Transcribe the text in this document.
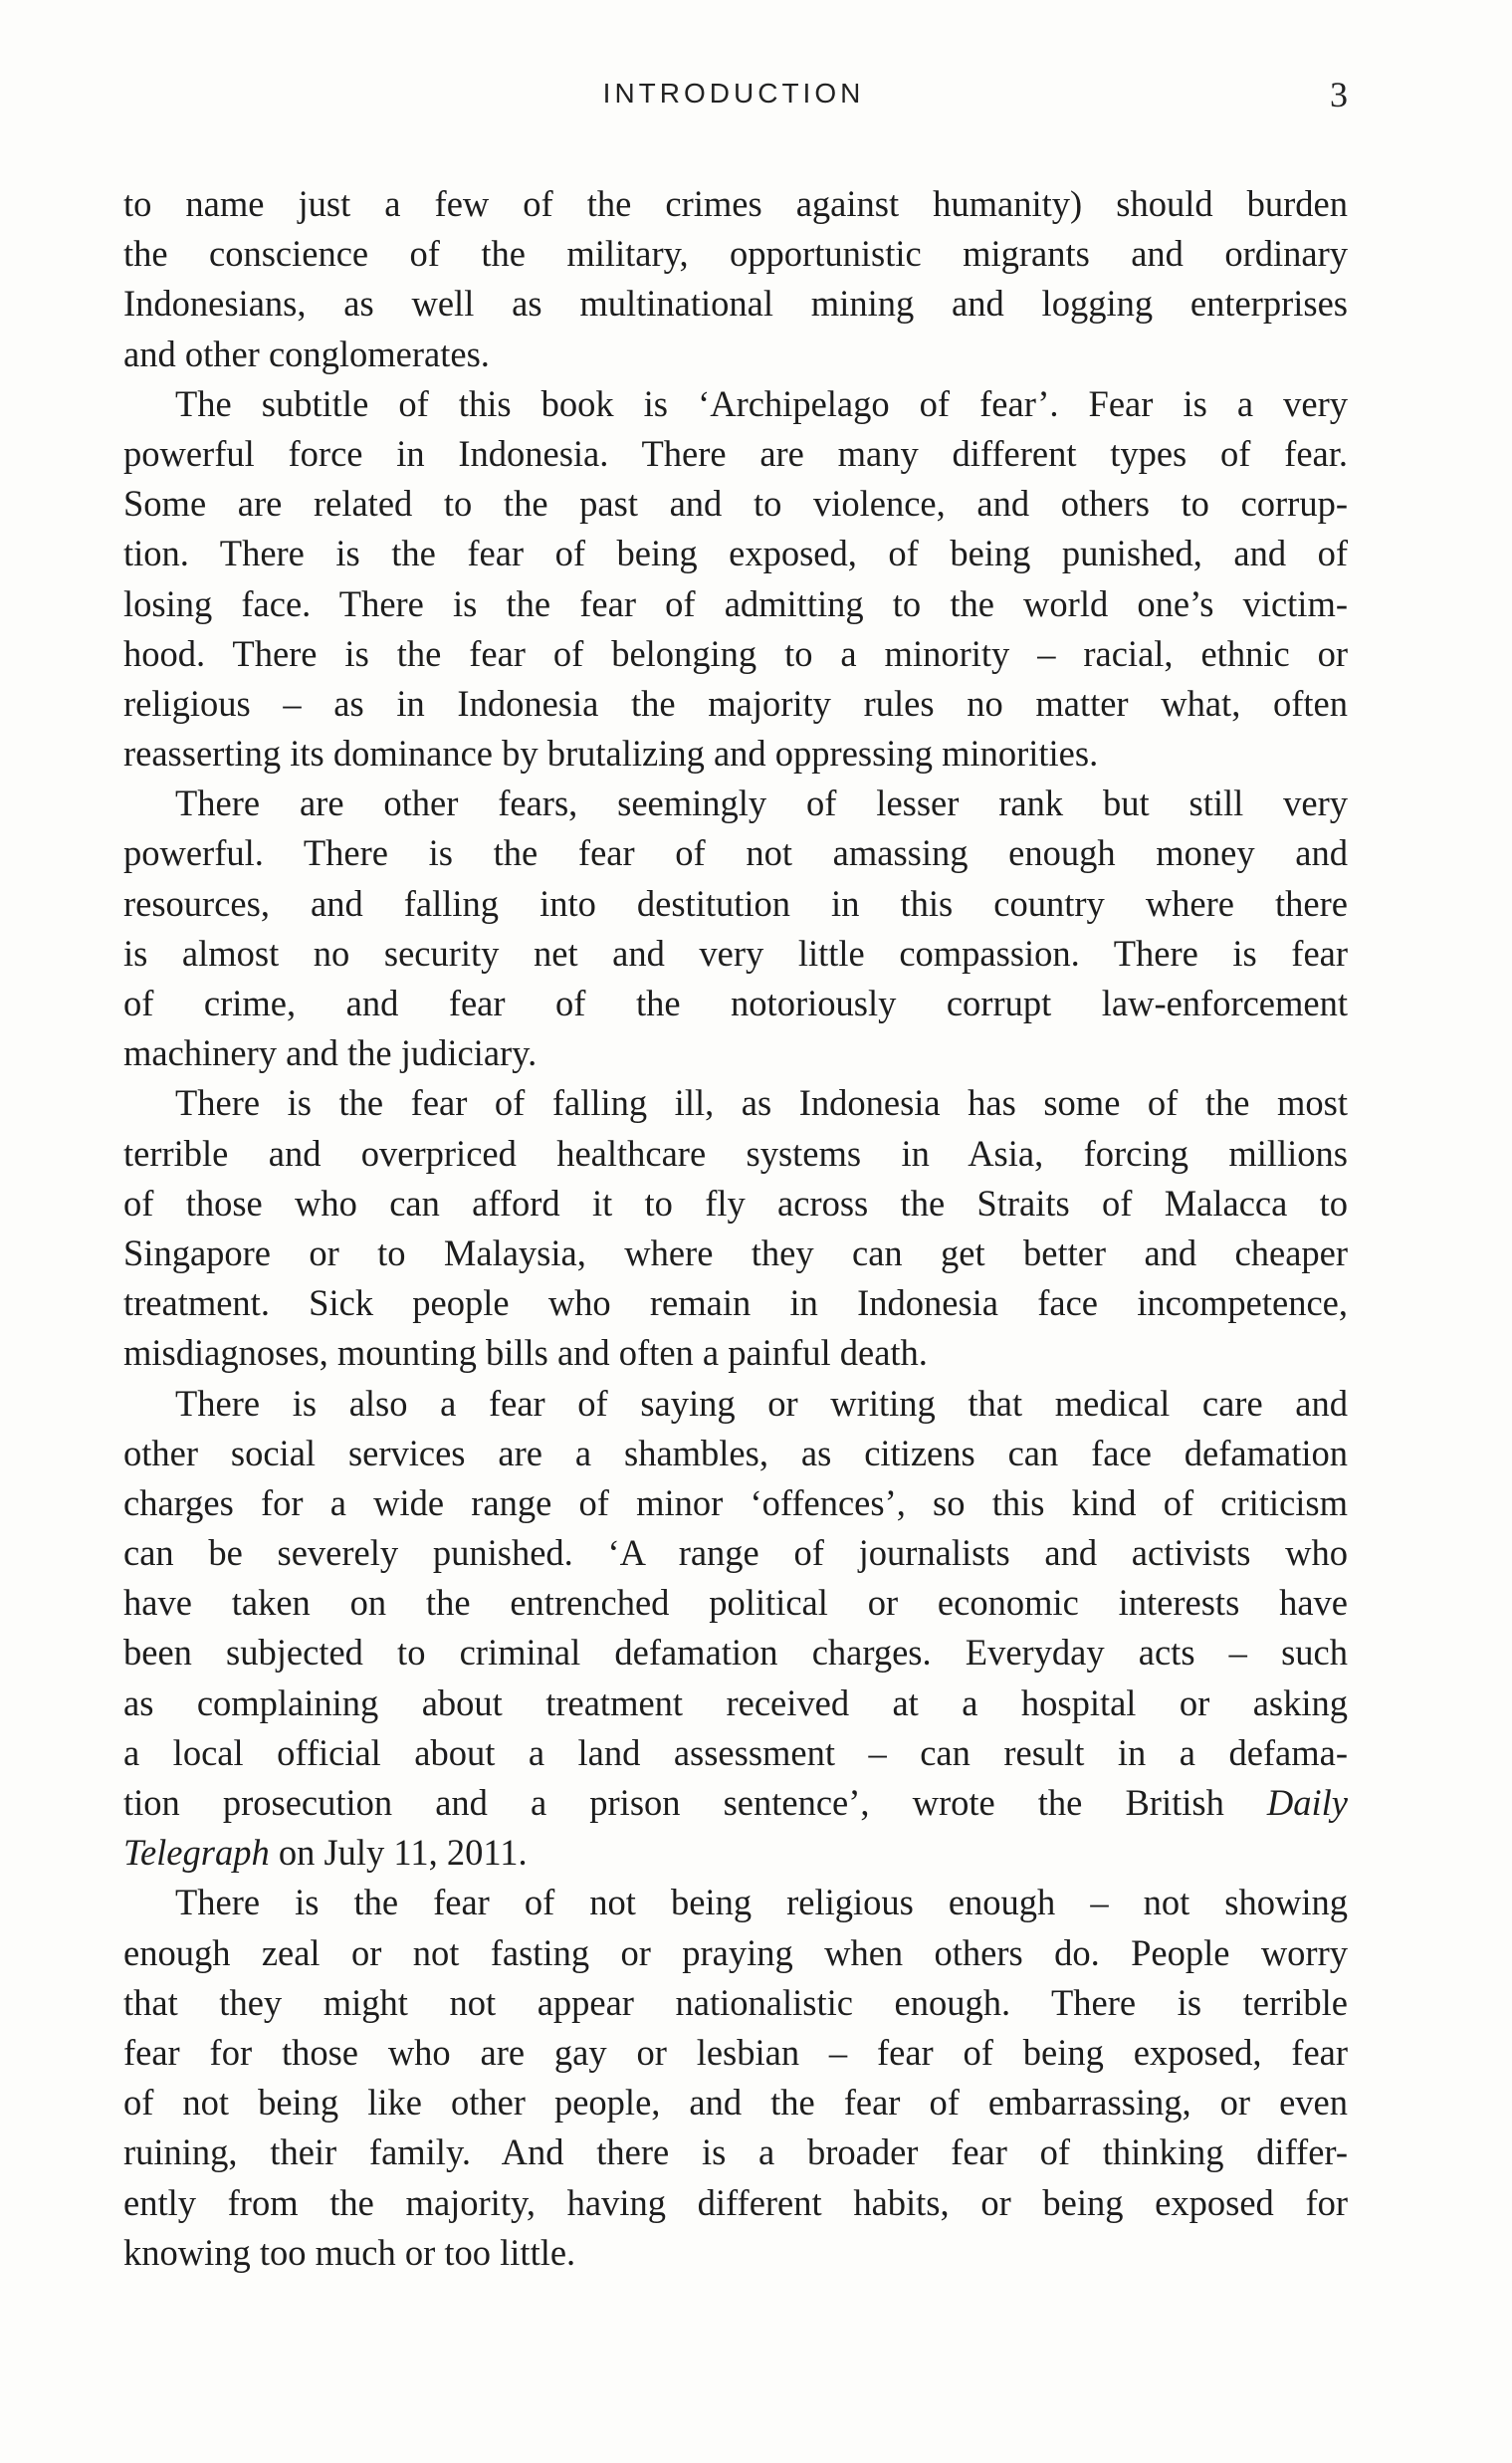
INTRODUCTION	3
to name just a few of the crimes against humanity) should burden
the conscience of the military, opportunistic migrants and ordinary
Indonesians, as well as multinational mining and logging enterprises
and other conglomerates.
The subtitle of this book is ‘Archipelago of fear’. Fear is a very
powerful force in Indonesia. There are many different types of fear.
Some are related to the past and to violence, and others to corrup-
tion. There is the fear of being exposed, of being punished, and of
losing face. There is the fear of admitting to the world one’s victim-
hood. There is the fear of belonging to a minority – racial, ethnic or
religious – as in Indonesia the majority rules no matter what, often
reasserting its dominance by brutalizing and oppressing minorities.
There are other fears, seemingly of lesser rank but still very
powerful. There is the fear of not amassing enough money and
resources, and falling into destitution in this country where there
is almost no security net and very little compassion. There is fear
of crime, and fear of the notoriously corrupt law-enforcement
machinery and the judiciary.
There is the fear of falling ill, as Indonesia has some of the most
terrible and overpriced healthcare systems in Asia, forcing millions
of those who can afford it to fly across the Straits of Malacca to
Singapore or to Malaysia, where they can get better and cheaper
treatment. Sick people who remain in Indonesia face incompetence,
misdiagnoses, mounting bills and often a painful death.
There is also a fear of saying or writing that medical care and
other social services are a shambles, as citizens can face defamation
charges for a wide range of minor ‘offences’, so this kind of criticism
can be severely punished. ‘A range of journalists and activists who
have taken on the entrenched political or economic interests have
been subjected to criminal defamation charges. Everyday acts – such
as complaining about treatment received at a hospital or asking
a local official about a land assessment – can result in a defama-
tion prosecution and a prison sentence’, wrote the British Daily
Telegraph on July 11, 2011.
There is the fear of not being religious enough – not showing
enough zeal or not fasting or praying when others do. People worry
that they might not appear nationalistic enough. There is terrible
fear for those who are gay or lesbian – fear of being exposed, fear
of not being like other people, and the fear of embarrassing, or even
ruining, their family. And there is a broader fear of thinking differ-
ently from the majority, having different habits, or being exposed for
knowing too much or too little.
